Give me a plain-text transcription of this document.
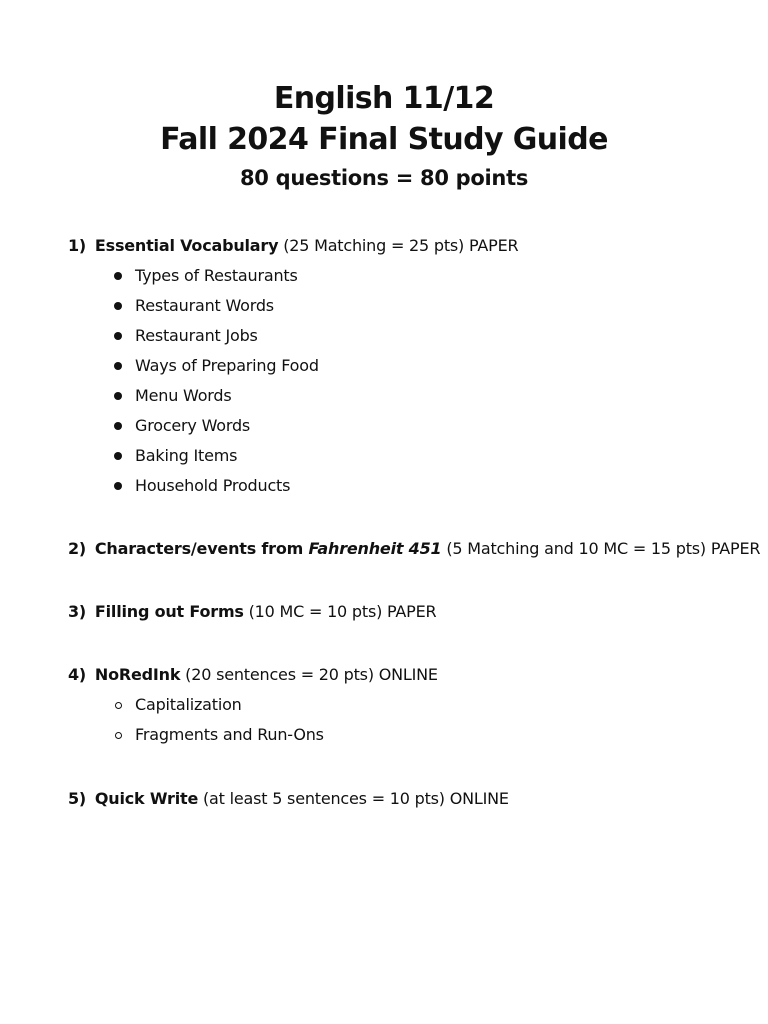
English 11/12

Fall 2024 Final Study Guide

80 questions = 80 points

1) Essential Vocabulary (25 Matching = 25 pts) PAPER
Types of Restaurants
Restaurant Words
Restaurant Jobs
Ways of Preparing Food
Menu Words
Grocery Words
Baking Items
Household Products
2) Characters/events from Fahrenheit 451 (5 Matching and 10 MC = 15 pts) PAPER
3) Filling out Forms (10 MC = 10 pts) PAPER
4) NoRedInk (20 sentences = 20 pts) ONLINE
Capitalization
Fragments and Run-Ons
5) Quick Write (at least 5 sentences = 10 pts) ONLINE
